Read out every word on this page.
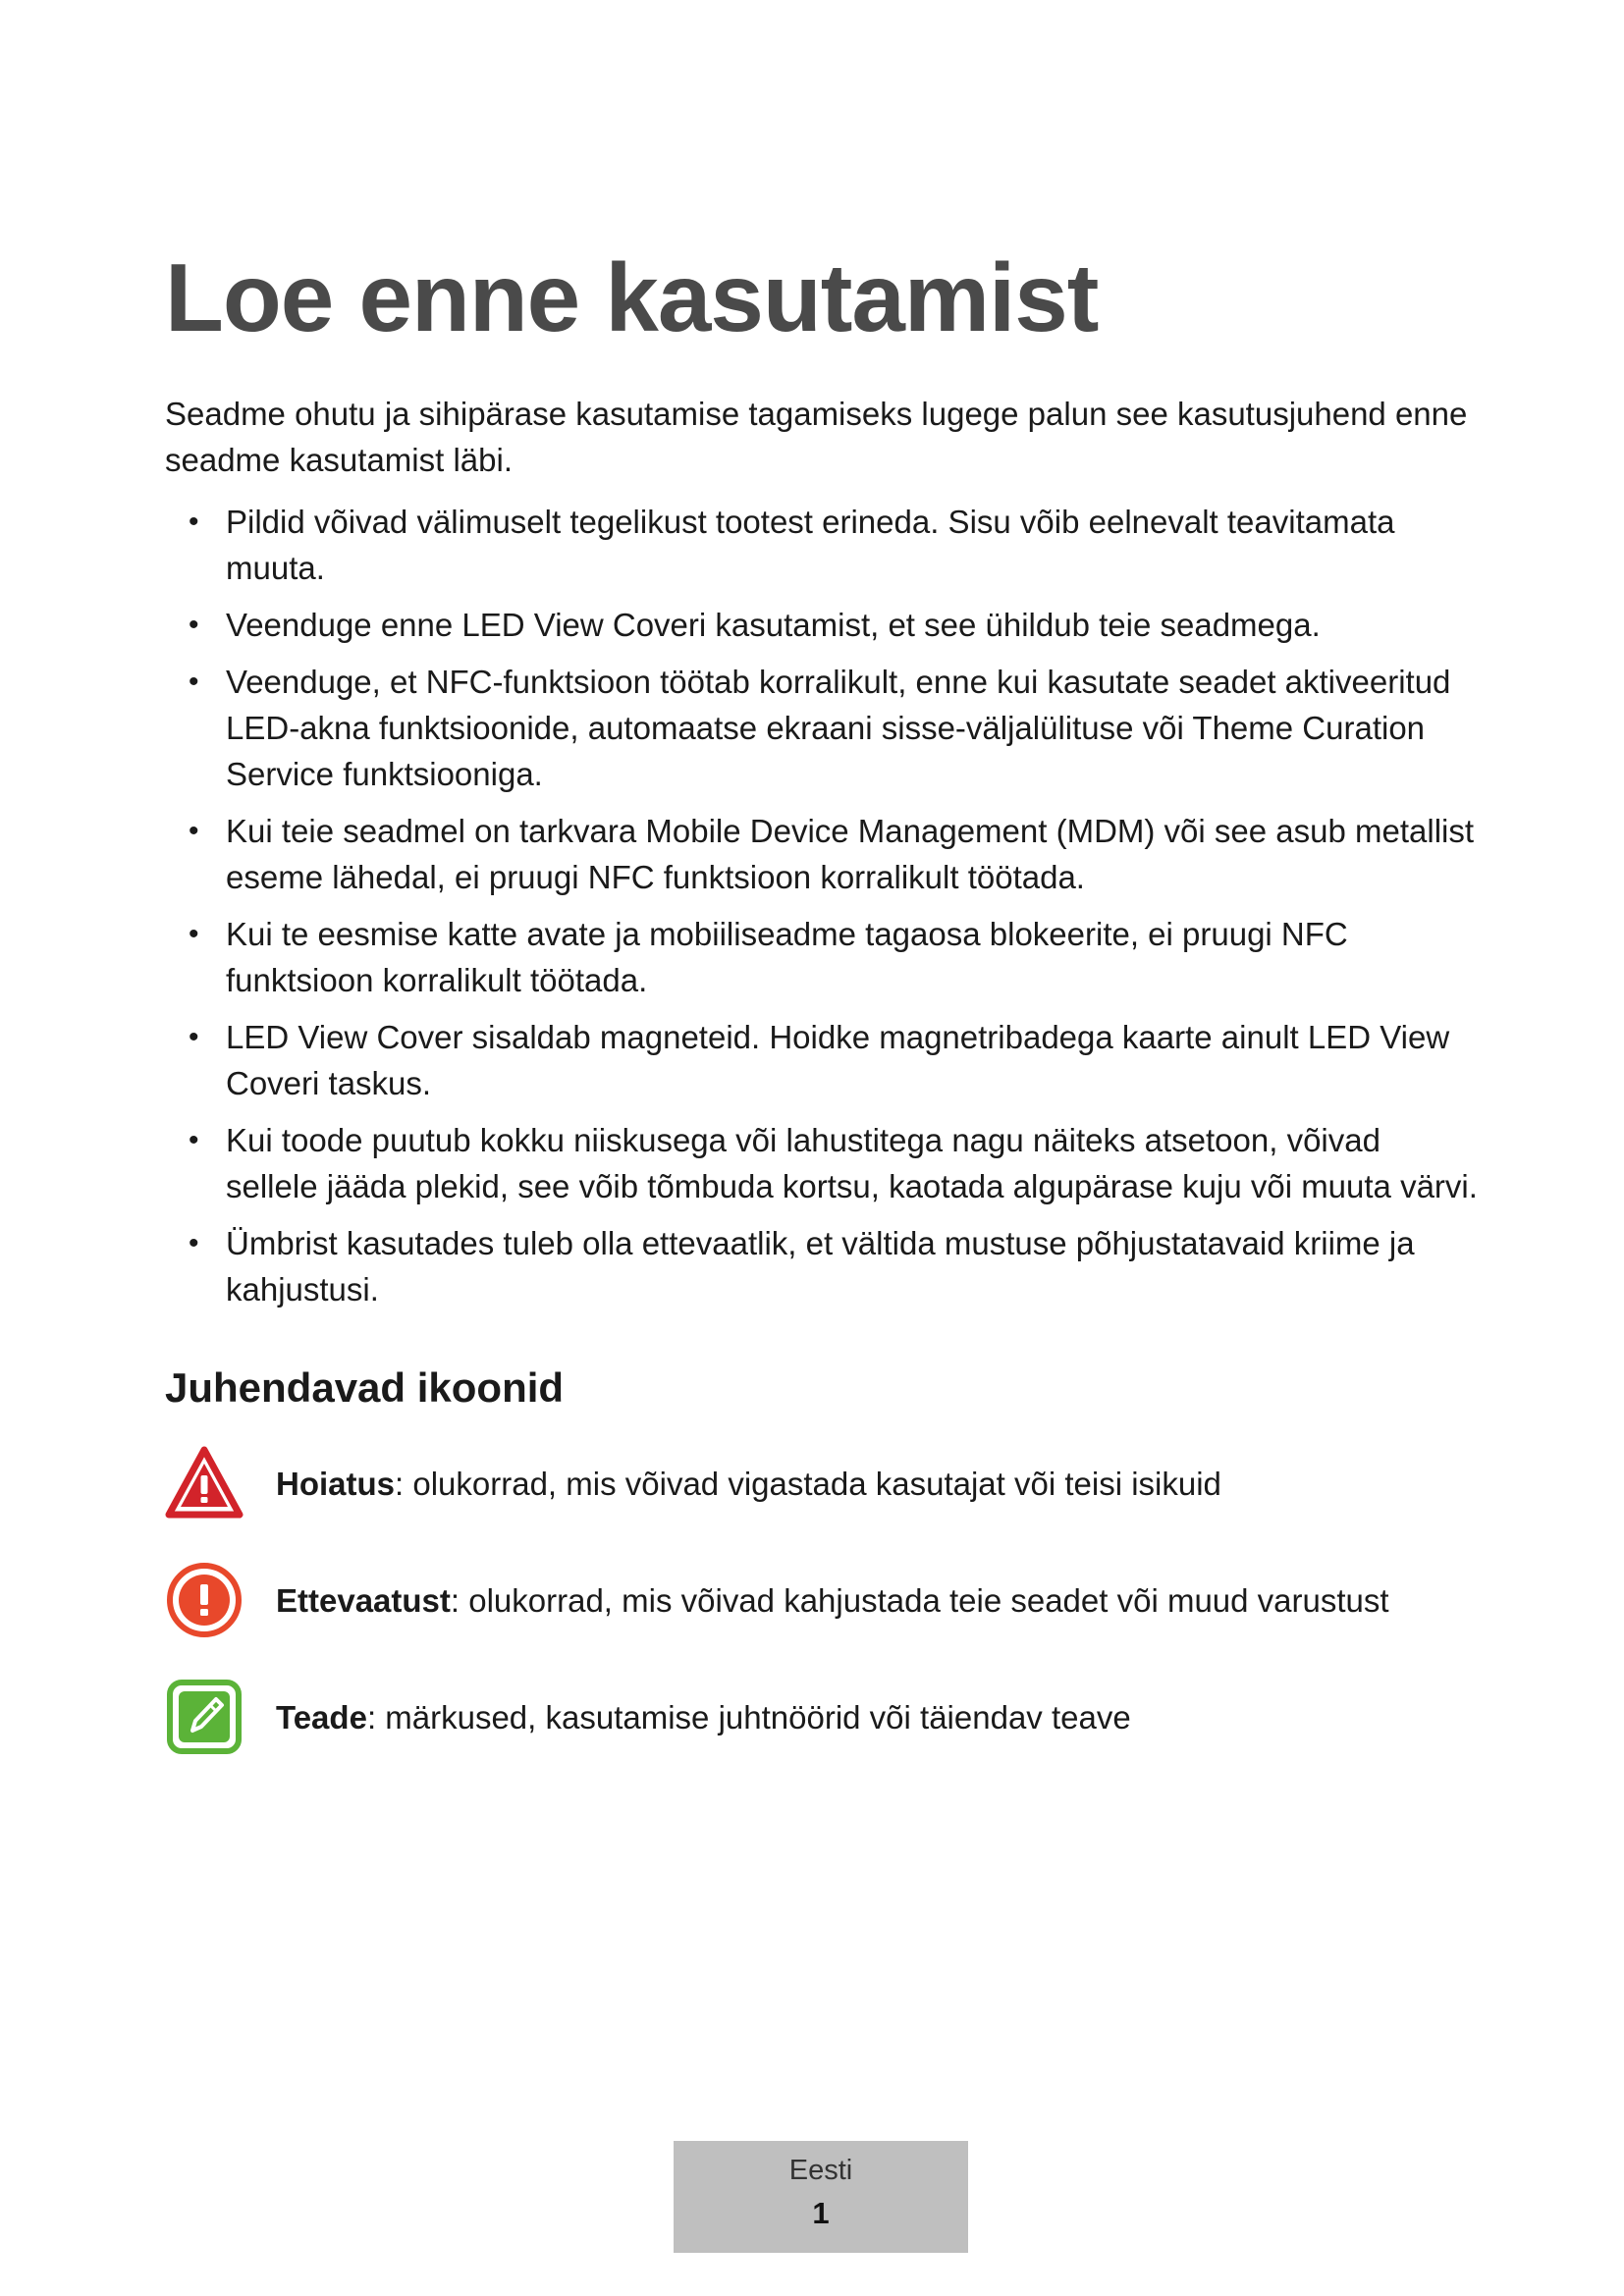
Loe enne kasutamist

Seadme ohutu ja sihipärase kasutamise tagamiseks lugege palun see kasutusjuhend enne seadme kasutamist läbi.

• Pildid võivad välimuselt tegelikust tootest erineda. Sisu võib eelnevalt teavitamata muuta.
• Veenduge enne LED View Coveri kasutamist, et see ühildub teie seadmega.
• Veenduge, et NFC-funktsioon töötab korralikult, enne kui kasutate seadet aktiveeritud LED-akna funktsioonide, automaatse ekraani sisse-väljalülituse või Theme Curation Service funktsiooniga.
• Kui teie seadmel on tarkvara Mobile Device Management (MDM) või see asub metallist eseme lähedal, ei pruugi NFC funktsioon korralikult töötada.
• Kui te eesmise katte avate ja mobiiliseadme tagaosa blokeerite, ei pruugi NFC funktsioon korralikult töötada.
• LED View Cover sisaldab magneteid. Hoidke magnetribadega kaarte ainult LED View Coveri taskus.
• Kui toode puutub kokku niiskusega või lahustitega nagu näiteks atsetoon, võivad sellele jääda plekid, see võib tõmbuda kortsu, kaotada algupärase kuju või muuta värvi.
• Ümbrist kasutades tuleb olla ettevaatlik, et vältida mustuse põhjustatavaid kriime ja kahjustusi.
Juhendavad ikoonid
Hoiatus: olukorrad, mis võivad vigastada kasutajat või teisi isikuid
Ettevaatust: olukorrad, mis võivad kahjustada teie seadet või muud varustust
Teade: märkused, kasutamise juhtnöörid või täiendav teave
Eesti
1
